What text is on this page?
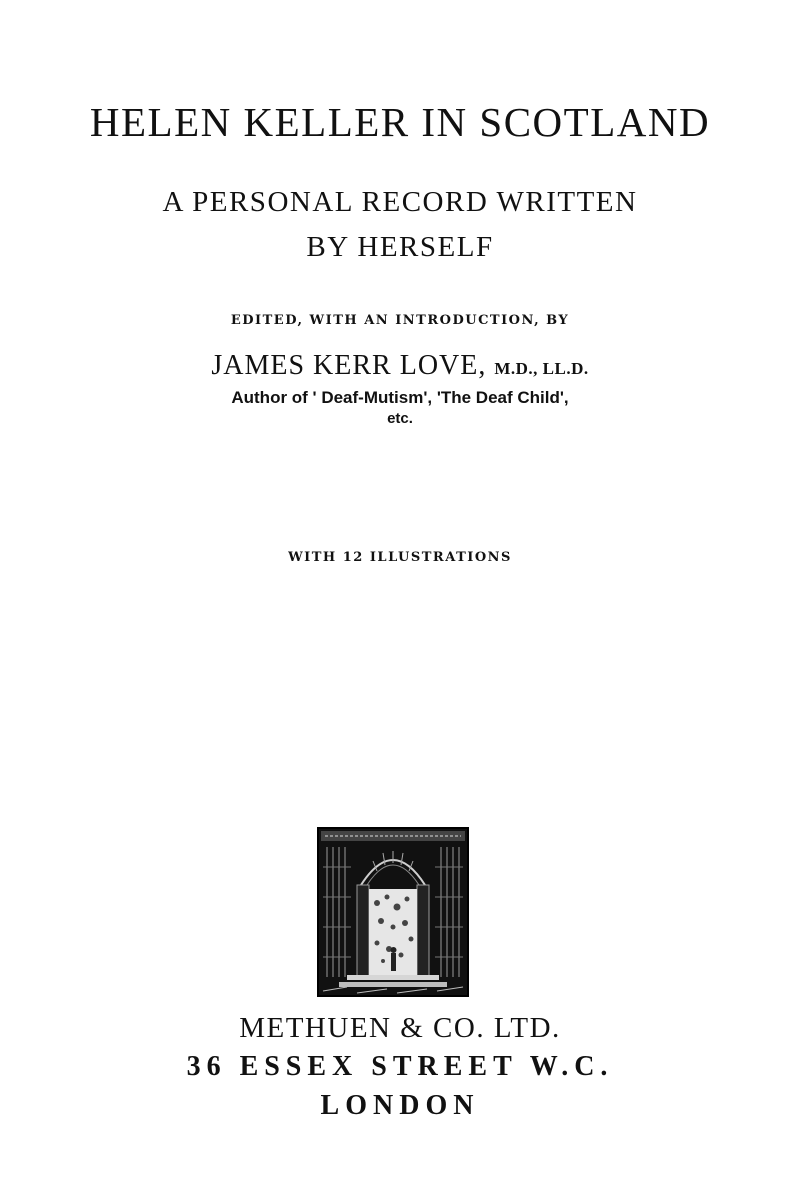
HELEN KELLER IN SCOTLAND
A PERSONAL RECORD WRITTEN
BY HERSELF
EDITED, WITH AN INTRODUCTION, BY
JAMES KERR LOVE, M.D., LL.D.
Author of ' Deaf-Mutism', 'The Deaf Child',
etc.
WITH 12 ILLUSTRATIONS
METHUEN & CO. LTD.
36 ESSEX STREET W.C.
LONDON
